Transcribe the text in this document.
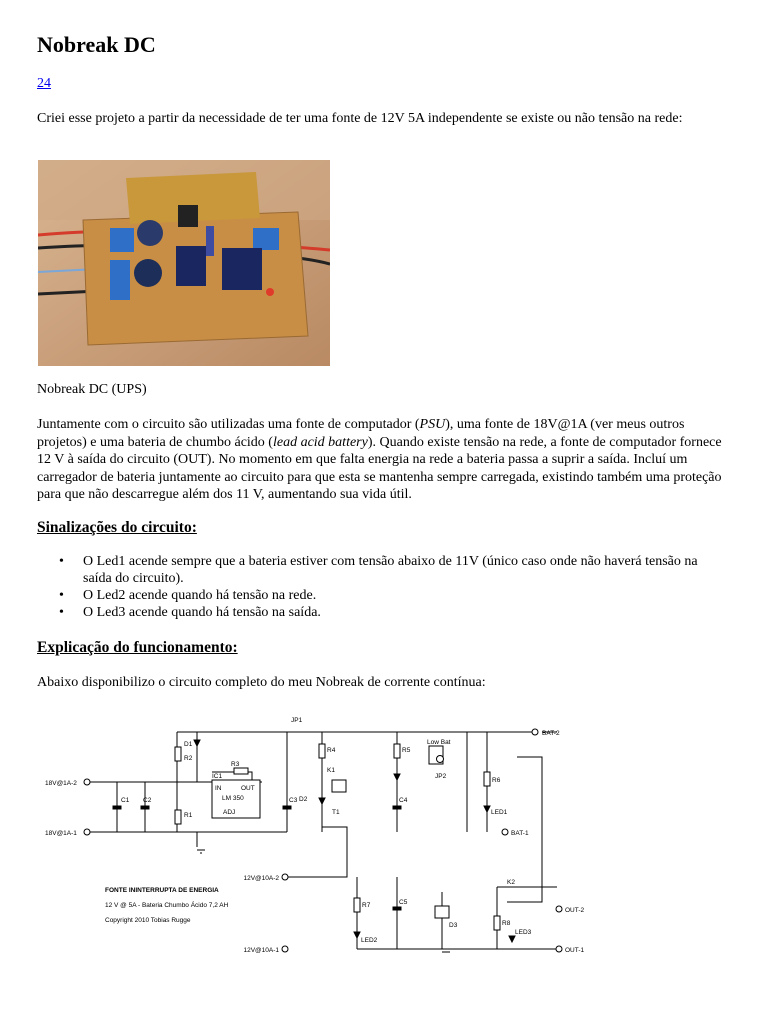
Nobreak DC
24

Criei esse projeto a partir da necessidade de ter uma fonte de 12V 5A independente se existe ou não tensão na rede:

Nobreak DC (UPS)

Juntamente com o circuito são utilizadas uma fonte de computador (PSU), uma fonte de 18V@1A (ver meus outros projetos) e uma bateria de chumbo ácido (lead acid battery). Quando existe tensão na rede, a fonte de computador fornece 12 V à saída do circuito (OUT). No momento em que falta energia na rede a bateria passa a suprir a saída. Incluí um carregador de bateria juntamente ao circuito para que esta se mantenha sempre carregada, existindo também uma proteção para que não descarregue além dos 11 V, aumentando sua vida útil.

Sinalizações do circuito:
• O Led1 acende sempre que a bateria estiver com tensão abaixo de 11V (único caso onde não haverá tensão na saída do circuito).
• O Led2 acende quando há tensão na rede.
• O Led3 acende quando há tensão na saída.
Explicação do funcionamento:

Abaixo disponibilizo o circuito completo do meu Nobreak de corrente contínua:

18V@1A-2
18V@1A-1
12V@10A-2
12V@10A-1
BAT-2
BAT-1
OUT-2
OUT-1
IC1
LM 350
IN	OUT
ADJ
Low Bat
FONTE ININTERRUPTA DE ENERGIA
12 V @ 5A - Bateria Chumbo Ácido 7,2 AH
Copyright 2010 Tobias Rugge
R3
C1 C2	C3	C4
C5
K1
K2
T1
JP1
JP2
LED1
LED2
LED3
D1
D2
R1
R2
R4	R5
R6
R7
R8
D3
